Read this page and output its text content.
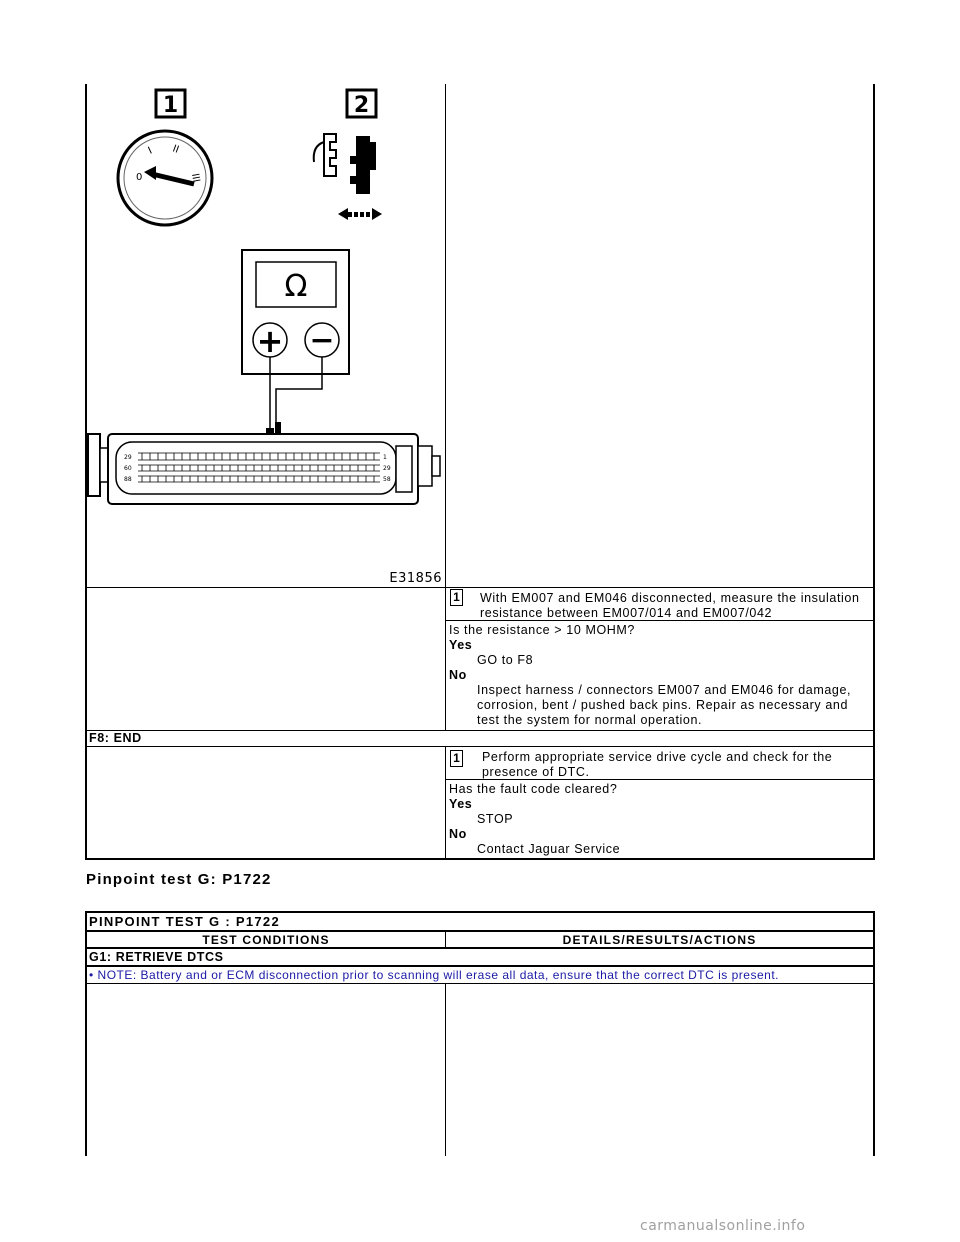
1	2
0
I II
III
Ω
+ −
29
60
88
1
29
58
E31856
1 With EM007 and EM046 disconnected, measure the insulation
resistance between EM007/014 and EM007/042
Is the resistance > 10 MOHM?
Yes
GO to F8
No
Inspect harness / connectors EM007 and EM046 for damage,
corrosion, bent / pushed back pins. Repair as necessary and
test the system for normal operation.
F8: END
1 Perform appropriate service drive cycle and check for the
presence of DTC.
Has the fault code cleared?
Yes
STOP
No
Contact Jaguar Service
Pinpoint test G: P1722
PINPOINT TEST G : P1722
TEST CONDITIONS	DETAILS/RESULTS/ACTIONS
G1: RETRIEVE DTCS
• NOTE: Battery and or ECM disconnection prior to scanning will erase all data, ensure that the correct DTC is present.
carmanualsonline.info
